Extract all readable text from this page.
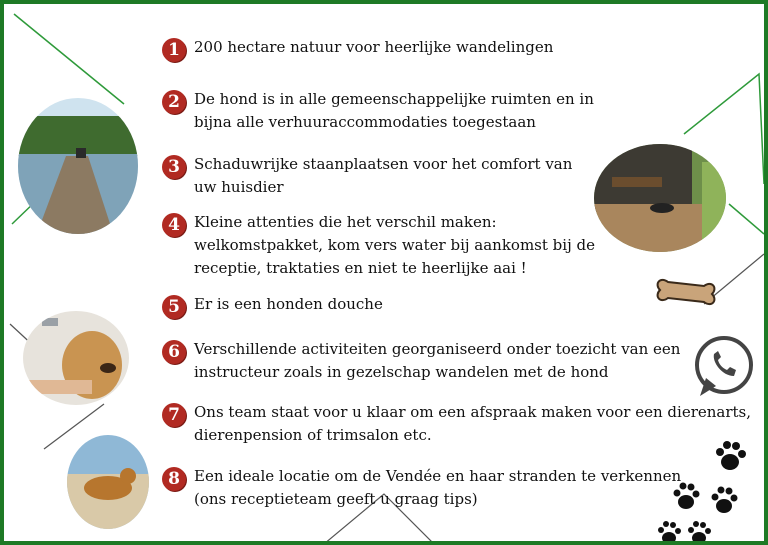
1 200 hectare natuur voor heerlijke wandelingen
2 De hond is in alle gemeenschappelijke ruimten en in
bijna alle verhuuraccommodaties toegestaan
3 Schaduwrijke staanplaatsen voor het comfort van
uw huisdier
4 Kleine attenties die het verschil maken:
welkomstpakket, kom vers water bij aankomst bij de
receptie, traktaties en niet te heerlijke aai !
5 Er is een honden douche
6 Verschillende activiteiten georganiseerd onder toezicht van een
instructeur zoals in gezelschap wandelen met de hond
7 Ons team staat voor u klaar om een afspraak maken voor een dierenarts,
dierenpension of trimsalon etc.
8 Een ideale locatie om de Vendée en haar stranden te verkennen
(ons receptieteam geeft u graag tips)
